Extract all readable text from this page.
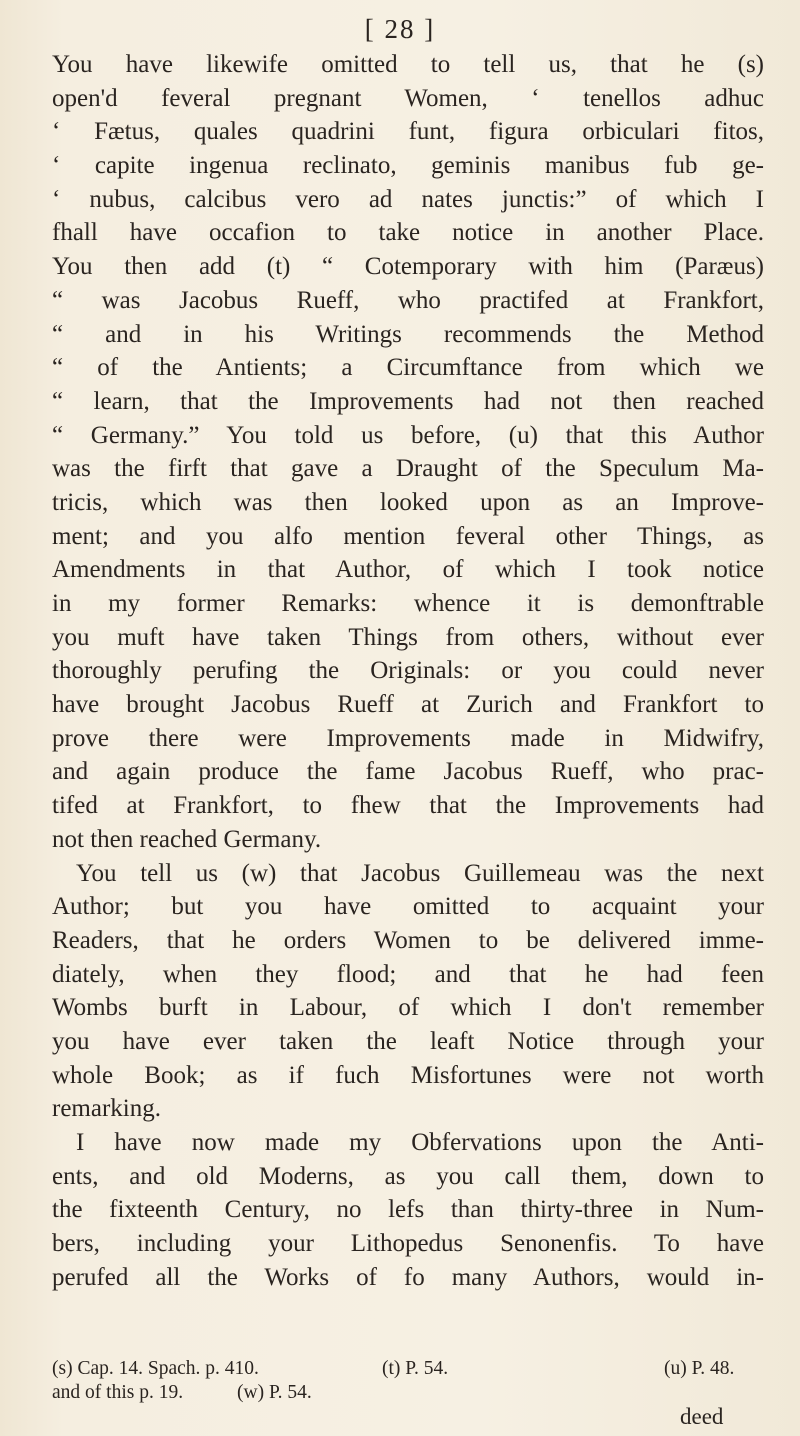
[ 28 ]
You have likewife omitted to tell us, that he (s)
open'd feveral pregnant Women, ‘ tenellos adhuc
‘ Fætus, quales quadrini funt, figura orbiculari fitos,
‘ capite ingenua reclinato, geminis manibus fub ge-
‘ nubus, calcibus vero ad nates junctis:” of which I
fhall have occafion to take notice in another Place.
You then add (t) “ Cotemporary with him (Paræus)
“ was Jacobus Rueff, who practifed at Frankfort,
“ and in his Writings recommends the Method
“ of the Antients; a Circumftance from which we
“ learn, that the Improvements had not then reached
“ Germany.” You told us before, (u) that this Author
was the firft that gave a Draught of the Speculum Ma-
tricis, which was then looked upon as an Improve-
ment; and you alfo mention feveral other Things, as
Amendments in that Author, of which I took notice
in my former Remarks: whence it is demonftrable
you muft have taken Things from others, without ever
thoroughly perufing the Originals: or you could never
have brought Jacobus Rueff at Zurich and Frankfort to
prove there were Improvements made in Midwifry,
and again produce the fame Jacobus Rueff, who prac-
tifed at Frankfort, to fhew that the Improvements had
not then reached Germany.
You tell us (w) that Jacobus Guillemeau was the next
Author; but you have omitted to acquaint your
Readers, that he orders Women to be delivered imme-
diately, when they flood; and that he had feen
Wombs burft in Labour, of which I don't remember
you have ever taken the leaft Notice through your
whole Book; as if fuch Misfortunes were not worth
remarking.
I have now made my Obfervations upon the Anti-
ents, and old Moderns, as you call them, down to
the fixteenth Century, no lefs than thirty-three in Num-
bers, including your Lithopedus Senonenfis. To have
perufed all the Works of fo many Authors, would in-
(s) Cap. 14. Spach. p. 410.	(t) P. 54.	(u) P. 48.
and of this p. 19.	(w) P. 54.
deed
